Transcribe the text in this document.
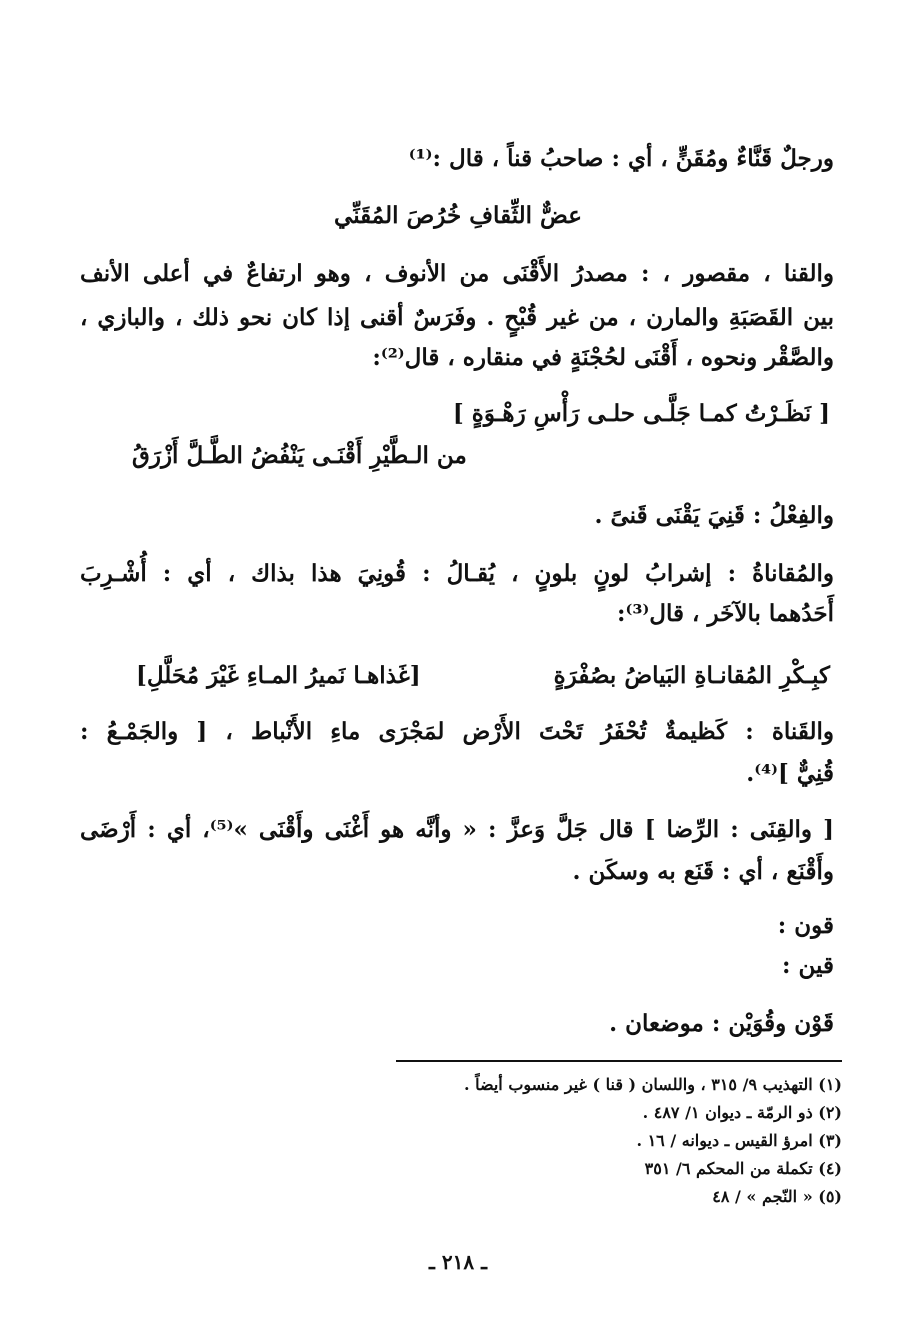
ورجلٌ قَنَّاءٌ ومُقَنٍّ ، أي : صاحبُ قناً ، قال :⁽¹⁾
عضٌّ الثِّقافِ خُرُصَ المُقَنِّي
والقنا ، مقصور ، : مصدرُ الأَقْنَى من الأنوف ، وهو ارتفاعٌ في أعلى الأنف
بين القَصَبَةِ والمارن ، من غير قُبْحٍ . وفَرَسٌ أقنى إذا كان نحو ذلك ، والبازي ،
والصَّقْر ونحوه ، أَقْنَى لحُجْنَةٍ في منقاره ، قال⁽²⁾:
[ نَظَـرْتُ كمـا جَلَّـى حلـى رَأْسِ رَهْـوَةٍ ]
من الـطَّيْرِ أَقْنَـى يَنْفُضُ الطَّـلَّ أَزْرَقُ
والفِعْلُ : قَنِيَ يَقْنَى قَنىً .
والمُقاناةُ : إشرابُ لونٍ بلونٍ ، يُقـالُ : قُونِيَ هذا بذاك ، أي : أُشْـرِبَ
أَحَدُهما بالآخَر ، قال⁽³⁾:
كبِـكْرِ المُقانـاةِ البَياضُ بصُفْرَةٍ
[غَذاهـا نَميرُ المـاءِ غَيْرَ مُحَلَّلِ]
والقَناة : كَظيمةٌ تُحْفَرُ تَحْتَ الأَرْض لمَجْرَى ماءِ الأَنْباط ، [ والجَمْـعُ :
قُنِيٌّ ]⁽⁴⁾.
[ والقِنَى : الرِّضا ] قال جَلَّ وَعزَّ : « وأنَّه هو أَغْنَى وأَقْنَى »⁽⁵⁾، أي : أَرْضَى
وأَقْنَع ، أي : قَنَع به وسكَن .
قون :
قين :
قَوْن وقُوَيْن : موضعان .
(١) التهذيب ٩/ ٣١٥ ، واللسان ( قنا ) غير منسوب أيضاً .
(٢) ذو الرمّة ـ ديوان ١/ ٤٨٧ .
(٣) امرؤ القيس ـ ديوانه / ١٦ .
(٤) تكملة من المحكم ٦/ ٣٥١
(٥) « النّجم » / ٤٨
ـ ٢١٨ ـ
